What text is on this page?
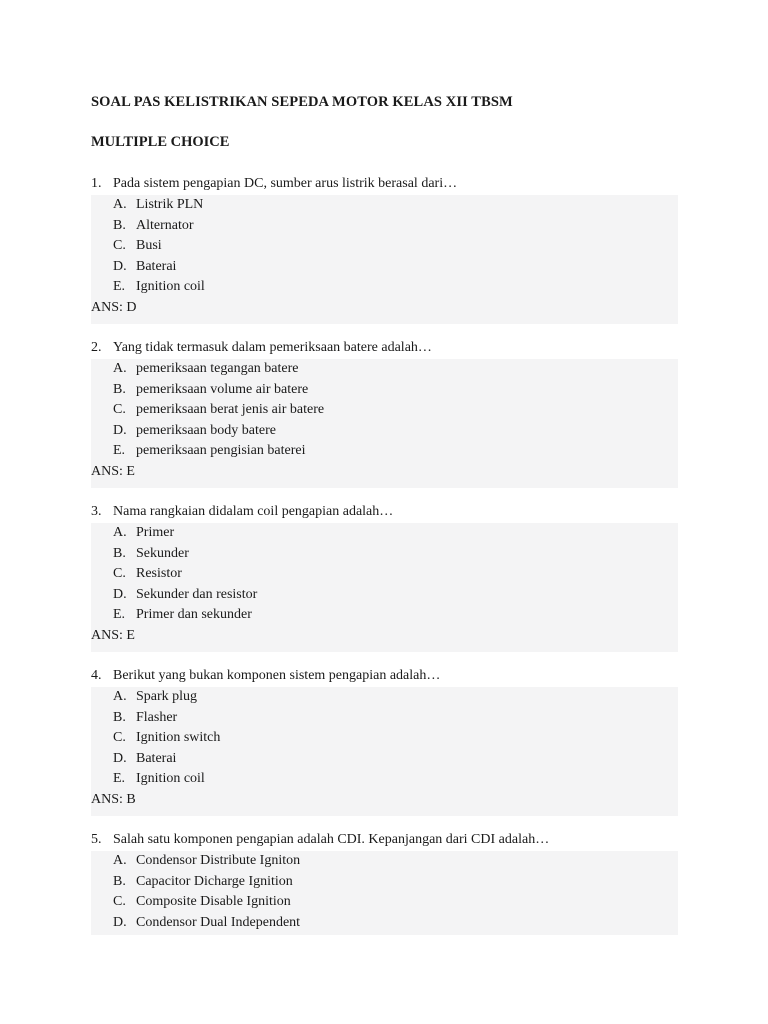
SOAL PAS KELISTRIKAN SEPEDA MOTOR KELAS XII TBSM
MULTIPLE CHOICE
1. Pada sistem pengapian DC, sumber arus listrik berasal dari…
A. Listrik PLN
B. Alternator
C. Busi
D. Baterai
E. Ignition coil
ANS: D
2. Yang tidak termasuk dalam pemeriksaan batere adalah…
A. pemeriksaan tegangan batere
B. pemeriksaan volume air batere
C. pemeriksaan berat jenis air batere
D. pemeriksaan body batere
E. pemeriksaan pengisian baterei
ANS: E
3. Nama rangkaian didalam coil pengapian adalah…
A. Primer
B. Sekunder
C. Resistor
D. Sekunder dan resistor
E. Primer dan sekunder
ANS: E
4. Berikut yang bukan komponen sistem pengapian adalah…
A. Spark plug
B. Flasher
C. Ignition switch
D. Baterai
E. Ignition coil
ANS: B
5. Salah satu komponen pengapian adalah CDI. Kepanjangan dari CDI adalah…
A. Condensor Distribute Igniton
B. Capacitor Dicharge Ignition
C. Composite Disable Ignition
D. Condensor Dual Independent
